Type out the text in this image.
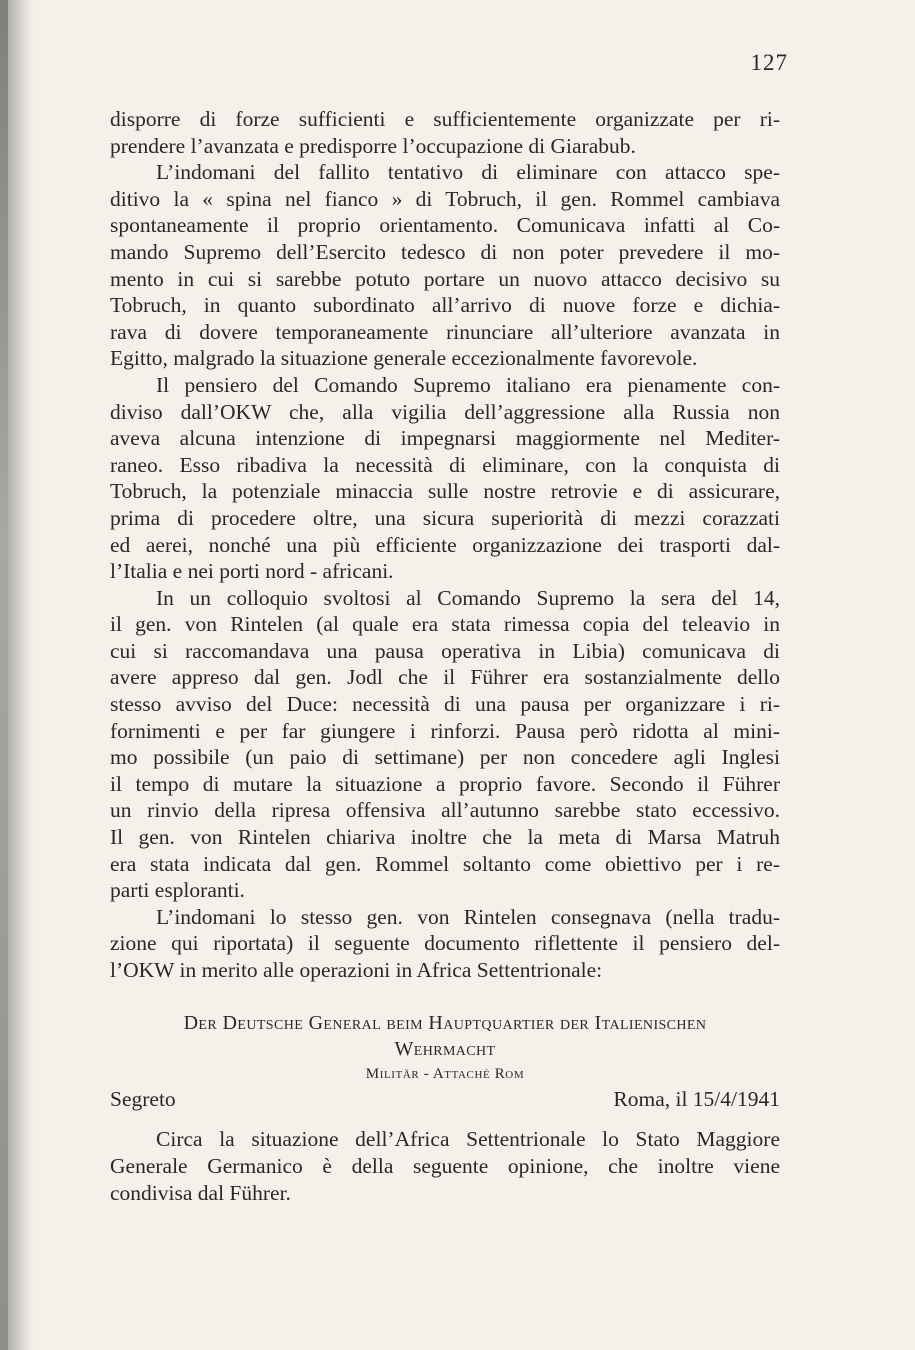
127
disporre di forze sufficienti e sufficientemente organizzate per ri-
prendere l’avanzata e predisporre l’occupazione di Giarabub.
L’indomani del fallito tentativo di eliminare con attacco spe-
ditivo la « spina nel fianco » di Tobruch, il gen. Rommel cambiava
spontaneamente il proprio orientamento. Comunicava infatti al Co-
mando Supremo dell’Esercito tedesco di non poter prevedere il mo-
mento in cui si sarebbe potuto portare un nuovo attacco decisivo su
Tobruch, in quanto subordinato all’arrivo di nuove forze e dichia-
rava di dovere temporaneamente rinunciare all’ulteriore avanzata in
Egitto, malgrado la situazione generale eccezionalmente favorevole.
Il pensiero del Comando Supremo italiano era pienamente con-
diviso dall’OKW che, alla vigilia dell’aggressione alla Russia non
aveva alcuna intenzione di impegnarsi maggiormente nel Mediter-
raneo. Esso ribadiva la necessità di eliminare, con la conquista di
Tobruch, la potenziale minaccia sulle nostre retrovie e di assicurare,
prima di procedere oltre, una sicura superiorità di mezzi corazzati
ed aerei, nonché una più efficiente organizzazione dei trasporti dal-
l’Italia e nei porti nord - africani.
In un colloquio svoltosi al Comando Supremo la sera del 14,
il gen. von Rintelen (al quale era stata rimessa copia del teleavio in
cui si raccomandava una pausa operativa in Libia) comunicava di
avere appreso dal gen. Jodl che il Führer era sostanzialmente dello
stesso avviso del Duce: necessità di una pausa per organizzare i ri-
fornimenti e per far giungere i rinforzi. Pausa però ridotta al mini-
mo possibile (un paio di settimane) per non concedere agli Inglesi
il tempo di mutare la situazione a proprio favore. Secondo il Führer
un rinvio della ripresa offensiva all’autunno sarebbe stato eccessivo.
Il gen. von Rintelen chiariva inoltre che la meta di Marsa Matruh
era stata indicata dal gen. Rommel soltanto come obiettivo per i re-
parti esploranti.
L’indomani lo stesso gen. von Rintelen consegnava (nella tradu-
zione qui riportata) il seguente documento riflettente il pensiero del-
l’OKW in merito alle operazioni in Africa Settentrionale:
Der Deutsche General beim Hauptquartier der Italienischen
Wehrmacht
Militär - Attaché Rom
Segreto	Roma, il 15/4/1941
Circa la situazione dell’Africa Settentrionale lo Stato Maggiore
Generale Germanico è della seguente opinione, che inoltre viene
condivisa dal Führer.
